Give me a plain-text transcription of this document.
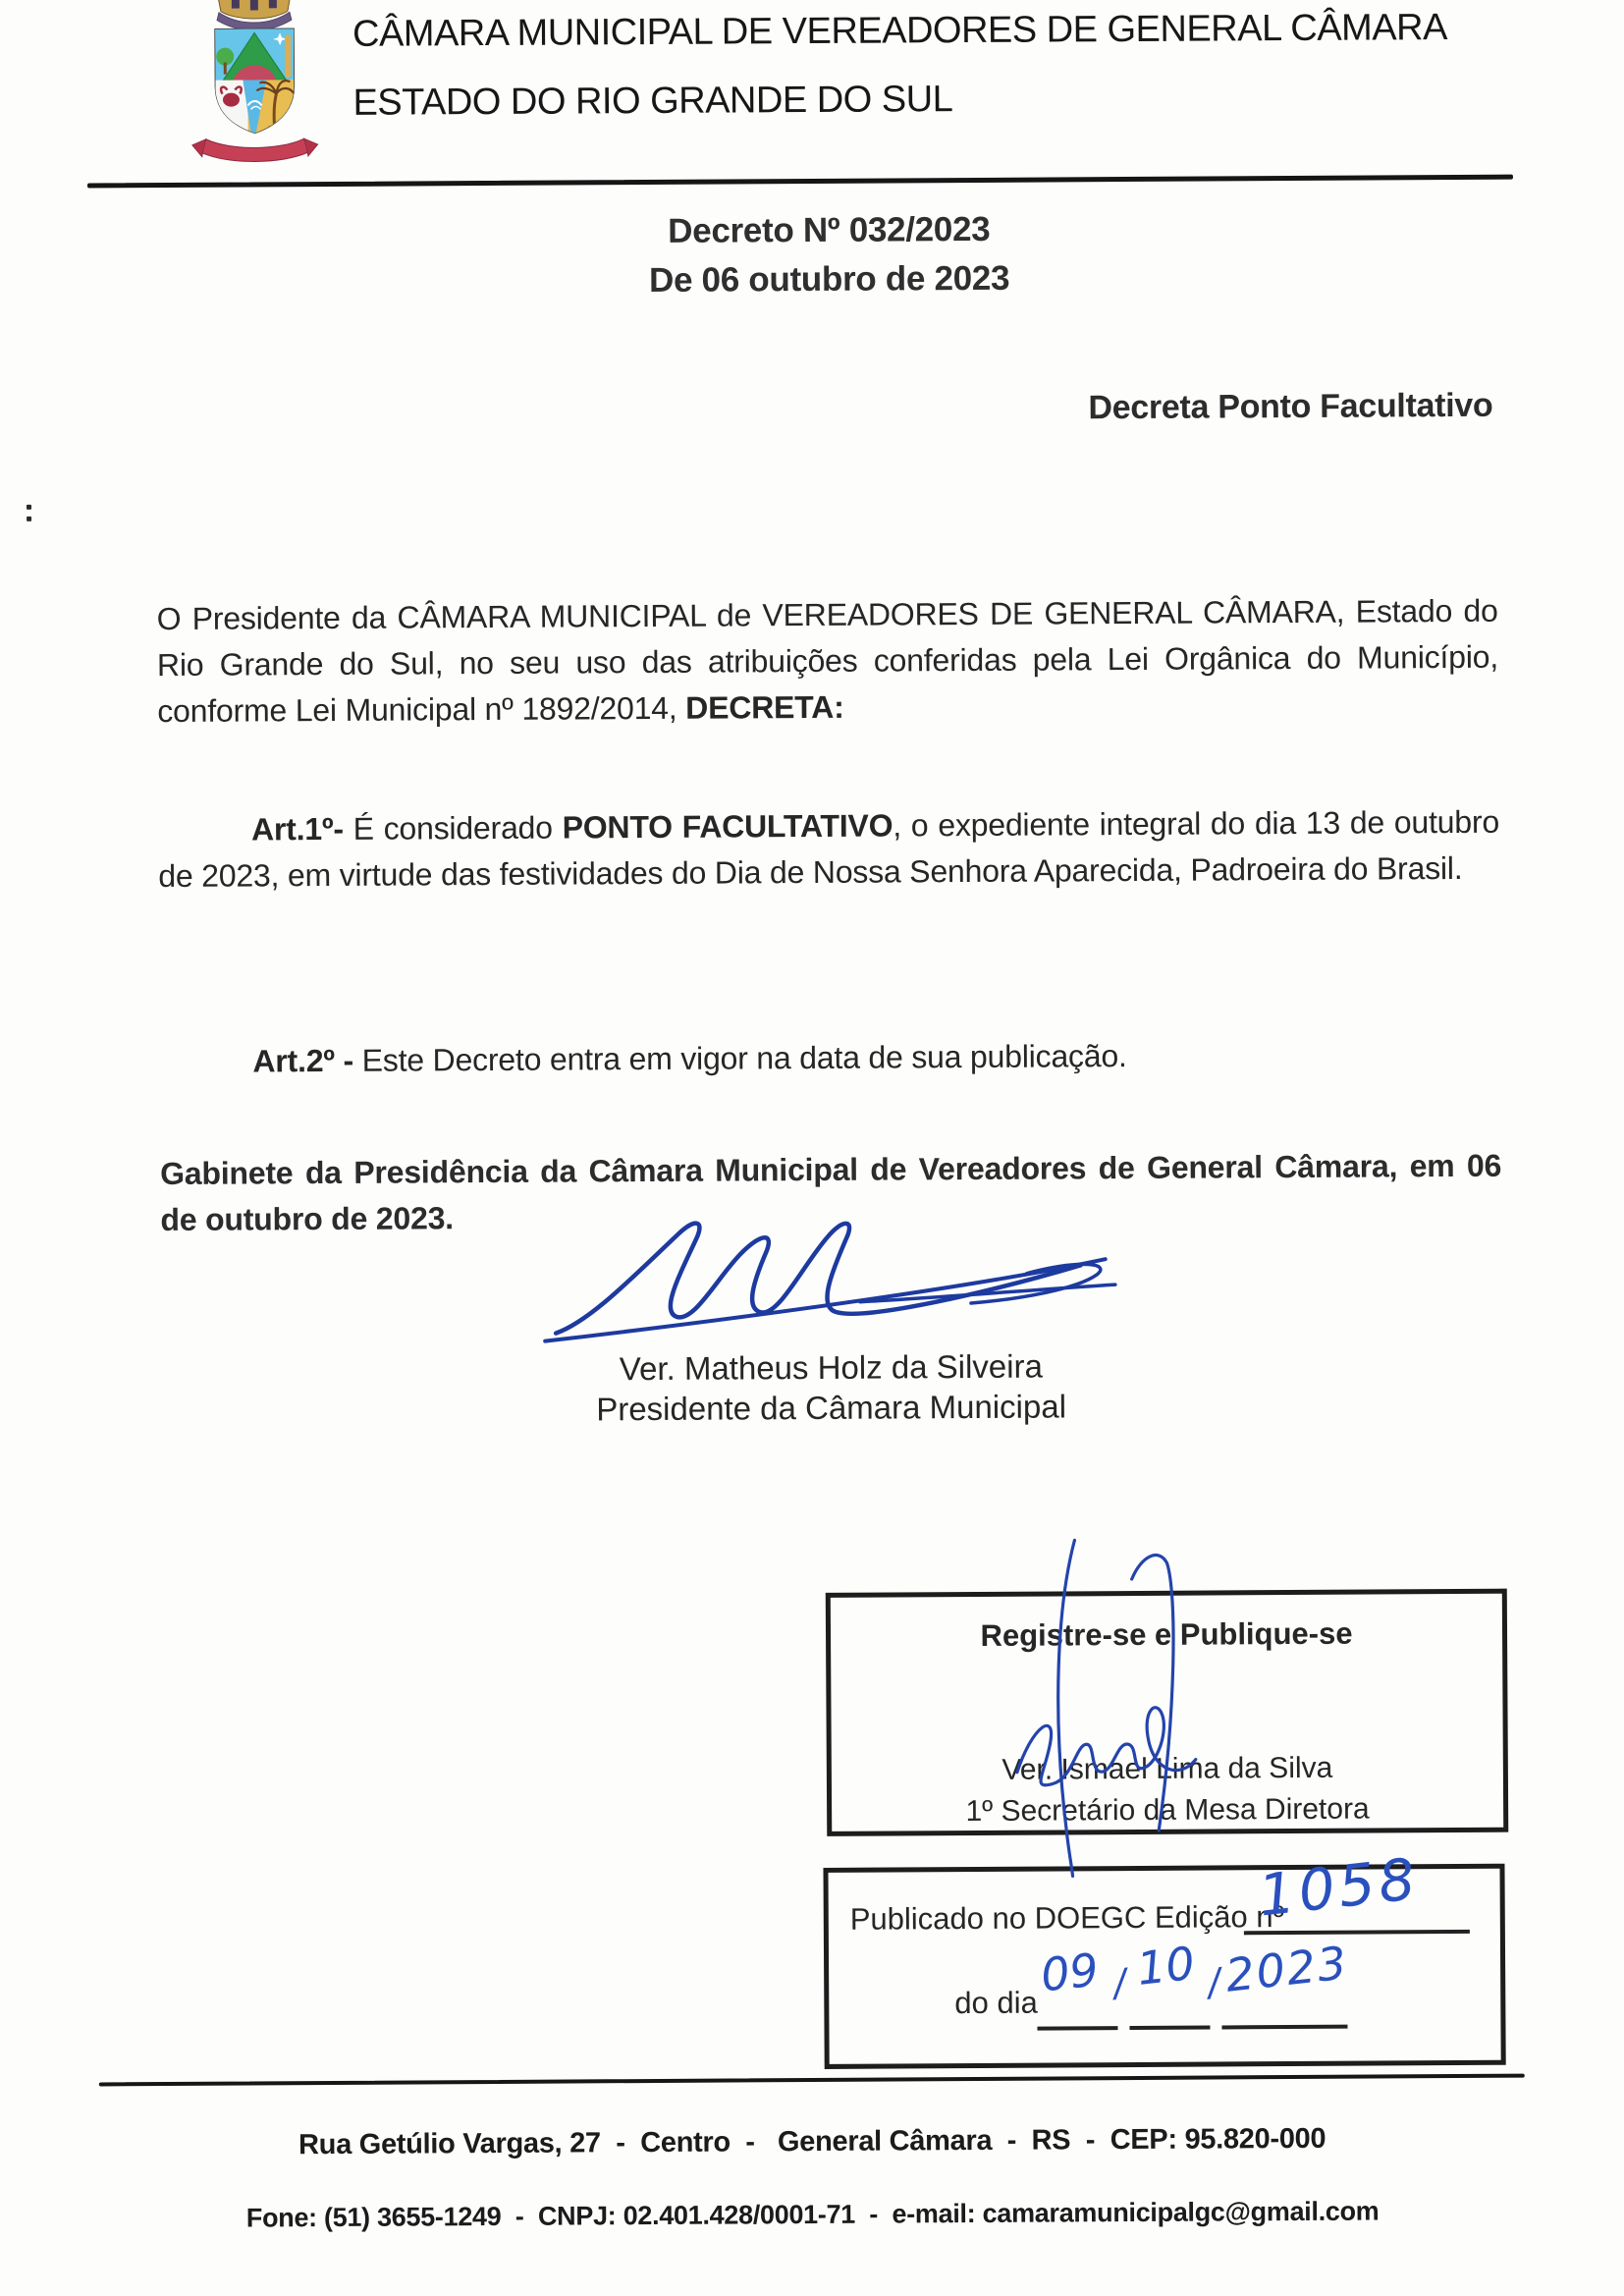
CÂMARA MUNICIPAL DE VEREADORES DE GENERAL CÂMARA
ESTADO DO RIO GRANDE DO SUL
Decreto Nº 032/2023
De 06 outubro de 2023
Decreta Ponto Facultativo
O Presidente da CÂMARA MUNICIPAL de VEREADORES DE GENERAL CÂMARA, Estado do Rio Grande do Sul, no seu uso das atribuições conferidas pela Lei Orgânica do Município, conforme Lei Municipal nº 1892/2014, DECRETA:
Art.1º- É considerado PONTO FACULTATIVO, o expediente integral do dia 13 de outubro de 2023, em virtude das festividades do Dia de Nossa Senhora Aparecida, Padroeira do Brasil.
Art.2º - Este Decreto entra em vigor na data de sua publicação.
Gabinete da Presidência da Câmara Municipal de Vereadores de General Câmara, em 06 de outubro de 2023.
Ver. Matheus Holz da Silveira
Presidente da Câmara Municipal
Registre-se e Publique-se
Ver. Ismael Lima da Silva
1º Secretário da Mesa Diretora
Publicado no DOEGC Edição nº
1058
do dia
09 / 10 / 2023

Rua Getúlio Vargas, 27  -  Centro  -   General Câmara  -  RS  -  CEP: 95.820-000

Fone: (51) 3655-1249  -  CNPJ: 02.401.428/0001-71  -  e-mail: camaramunicipalgc@gmail.com
